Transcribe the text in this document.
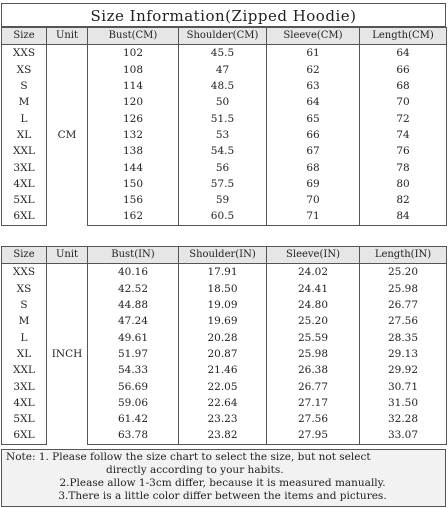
Size Information(Zipped Hoodie)
Size	Unit	Bust(CM)	Shoulder(CM)	Sleeve(CM)	Length(CM)
XXS	CM	102	45.5	61	64
XS		108	47	62	66
S		114	48.5	63	68
M		120	50	64	70
L		126	51.5	65	72
XL		132	53	66	74
XXL		138	54.5	67	76
3XL		144	56	68	78
4XL		150	57.5	69	80
5XL		156	59	70	82
6XL		162	60.5	71	84
Size	Unit	Bust(IN)	Shoulder(IN)	Sleeve(IN)	Length(IN)
XXS	INCH	40.16	17.91	24.02	25.20
XS		42.52	18.50	24.41	25.98
S		44.88	19.09	24.80	26.77
M		47.24	19.69	25.20	27.56
L		49.61	20.28	25.59	28.35
XL		51.97	20.87	25.98	29.13
XXL		54.33	21.46	26.38	29.92
3XL		56.69	22.05	26.77	30.71
4XL		59.06	22.64	27.17	31.50
5XL		61.42	23.23	27.56	32.28
6XL		63.78	23.82	27.95	33.07
Note: 1. Please follow the size chart to select the size, but not select
directly according to your habits.
2.Please allow 1-3cm differ, because it is measured manually.
3.There is a little color differ between the items and pictures.
